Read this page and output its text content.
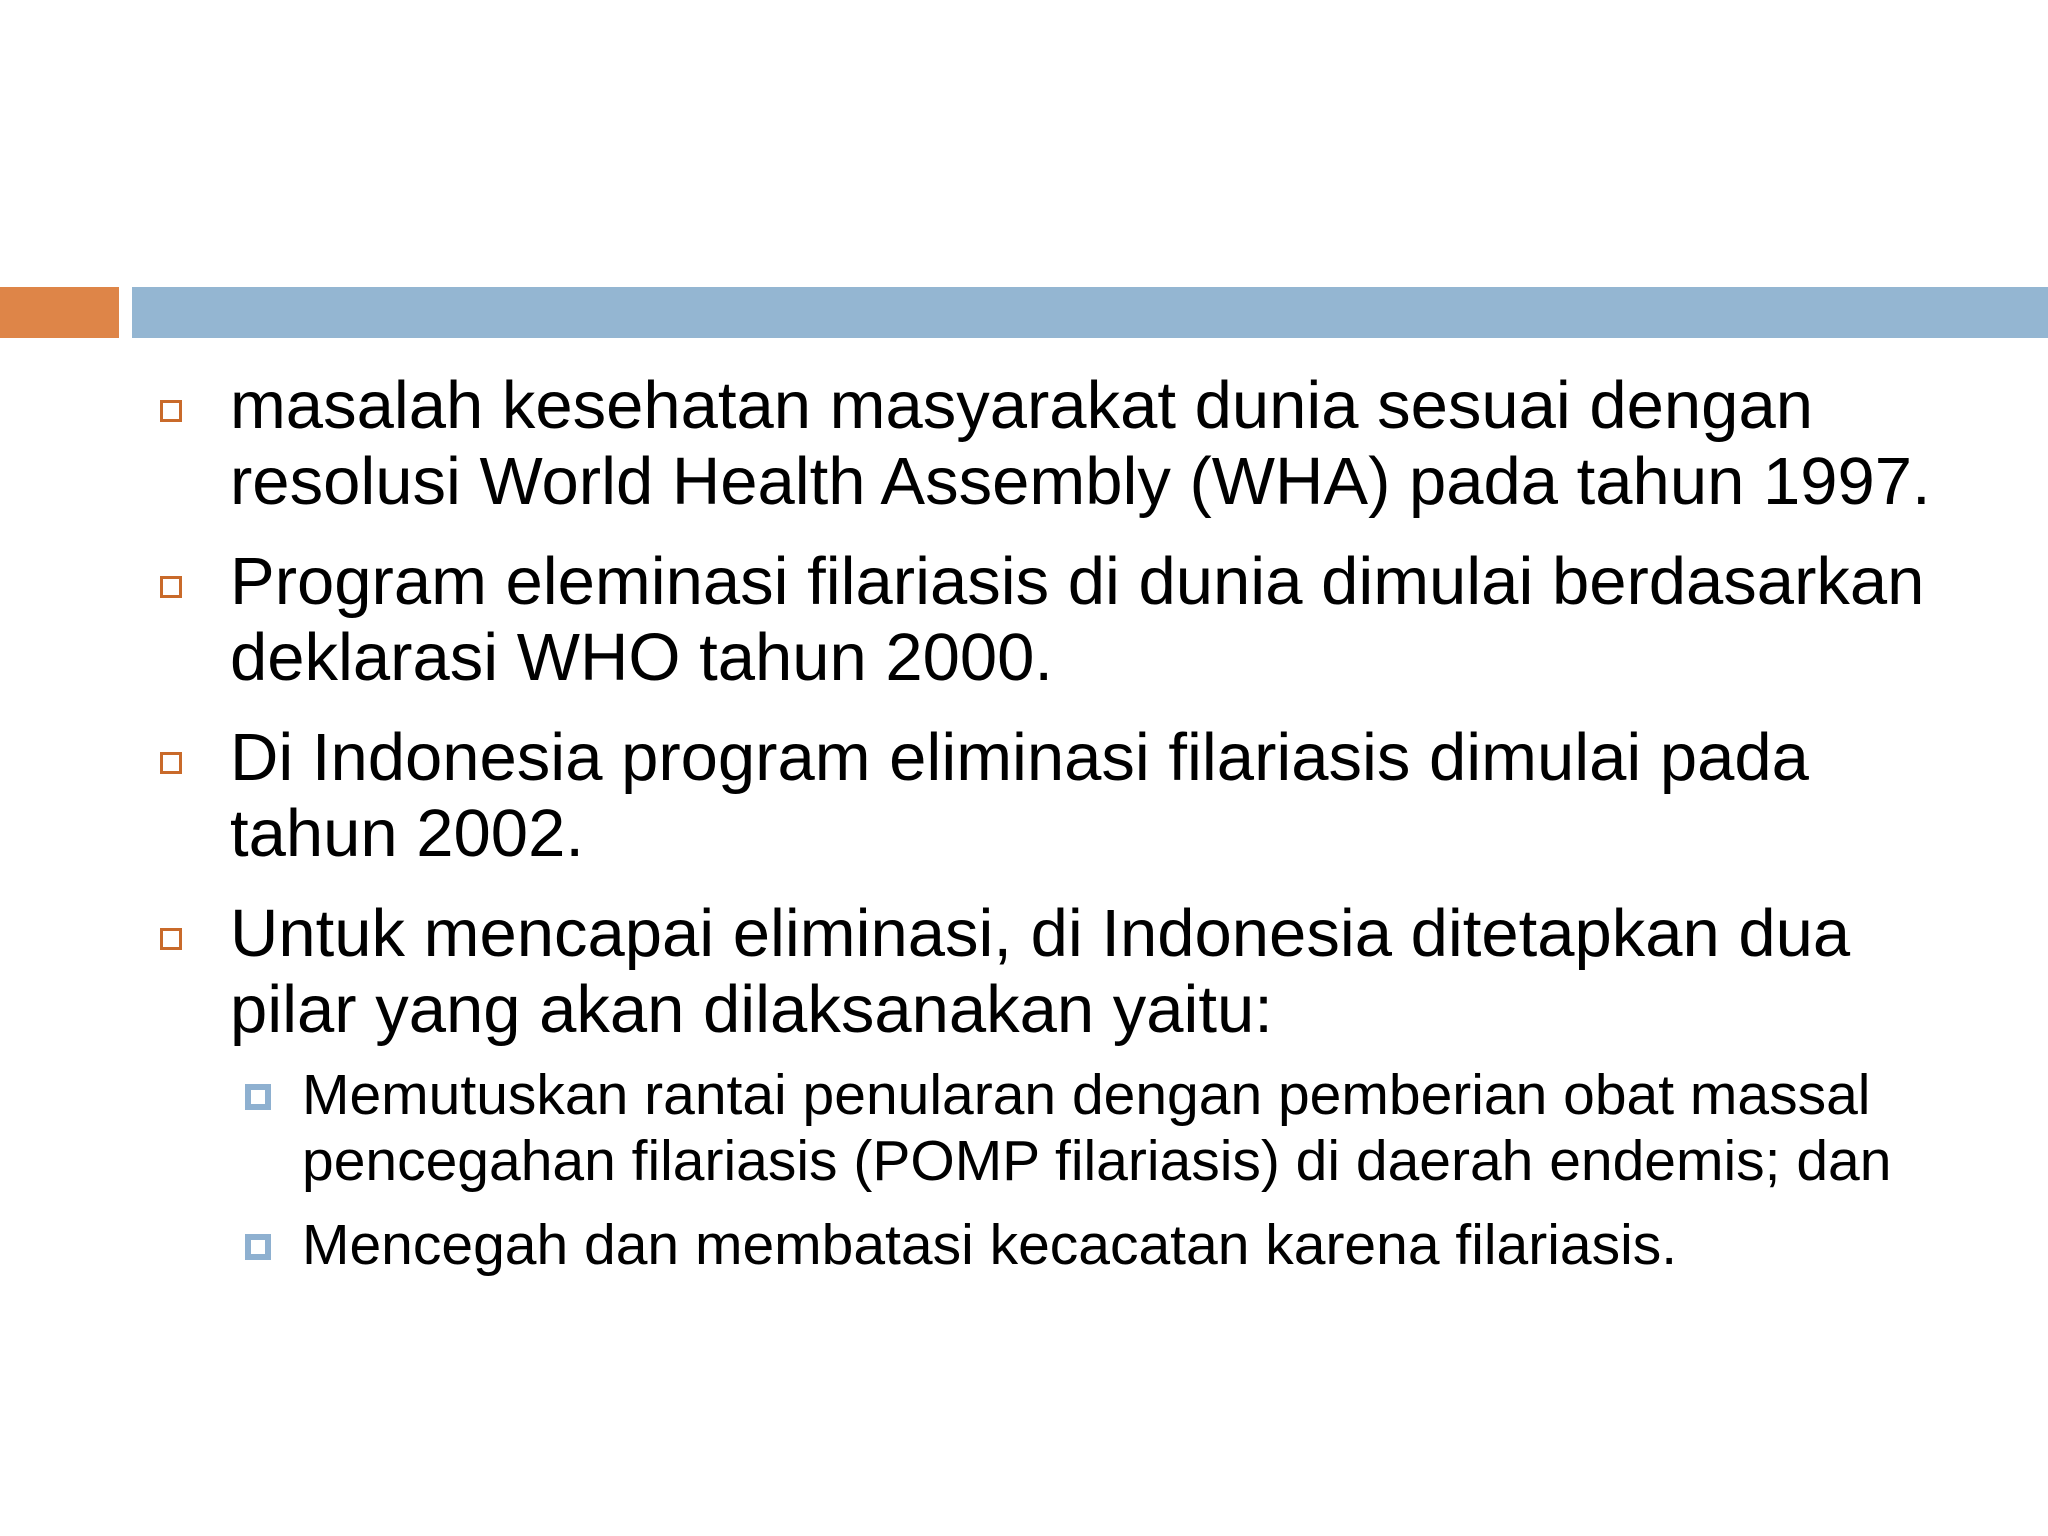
masalah kesehatan masyarakat dunia sesuai dengan resolusi World Health Assembly (WHA) pada tahun 1997.
Program eleminasi filariasis di dunia dimulai berdasarkan deklarasi WHO tahun 2000.
Di Indonesia program eliminasi filariasis dimulai pada tahun 2002.
Untuk mencapai eliminasi, di Indonesia ditetapkan dua pilar yang akan dilaksanakan yaitu:
Memutuskan rantai penularan dengan pemberian obat massal pencegahan filariasis (POMP filariasis) di daerah endemis; dan
Mencegah dan membatasi kecacatan karena filariasis.
